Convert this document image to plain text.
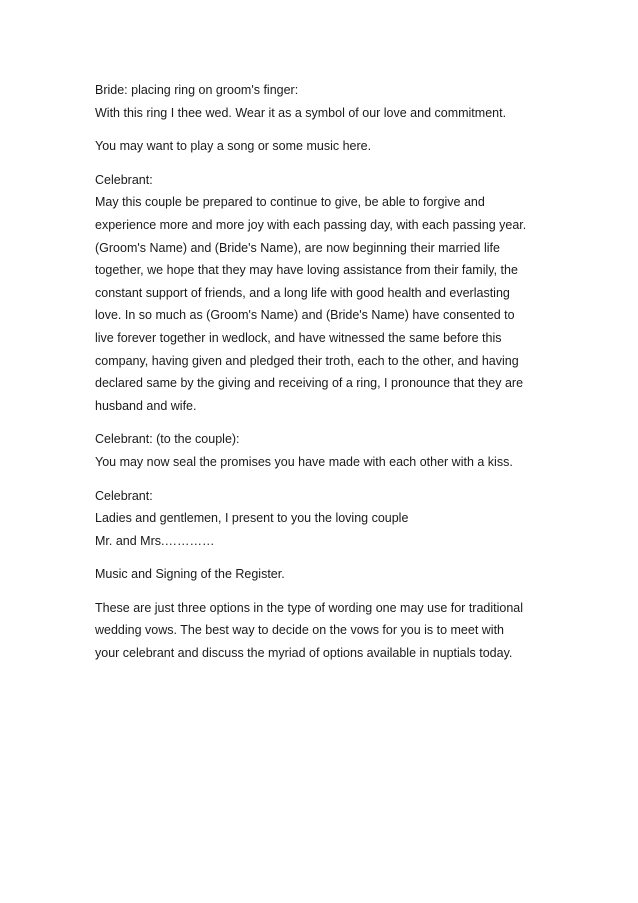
Bride: placing ring on groom's finger:
With this ring I thee wed. Wear it as a symbol of our love and commitment.

You may want to play a song or some music here.

Celebrant:
May this couple be prepared to continue to give, be able to forgive and
experience more and more joy with each passing day, with each passing year.
(Groom's Name) and (Bride's Name), are now beginning their married life
together, we hope that they may have loving assistance from their family, the
constant support of friends, and a long life with good health and everlasting
love. In so much as (Groom's Name) and (Bride's Name) have consented to
live forever together in wedlock, and have witnessed the same before this
company, having given and pledged their troth, each to the other, and having
declared same by the giving and receiving of a ring, I pronounce that they are
husband and wife.

Celebrant: (to the couple):
You may now seal the promises you have made with each other with a kiss.

Celebrant:
Ladies and gentlemen, I present to you the loving couple
Mr. and Mrs.…………

Music and Signing of the Register.

These are just three options in the type of wording one may use for traditional
wedding vows. The best way to decide on the vows for you is to meet with
your celebrant and discuss the myriad of options available in nuptials today.
